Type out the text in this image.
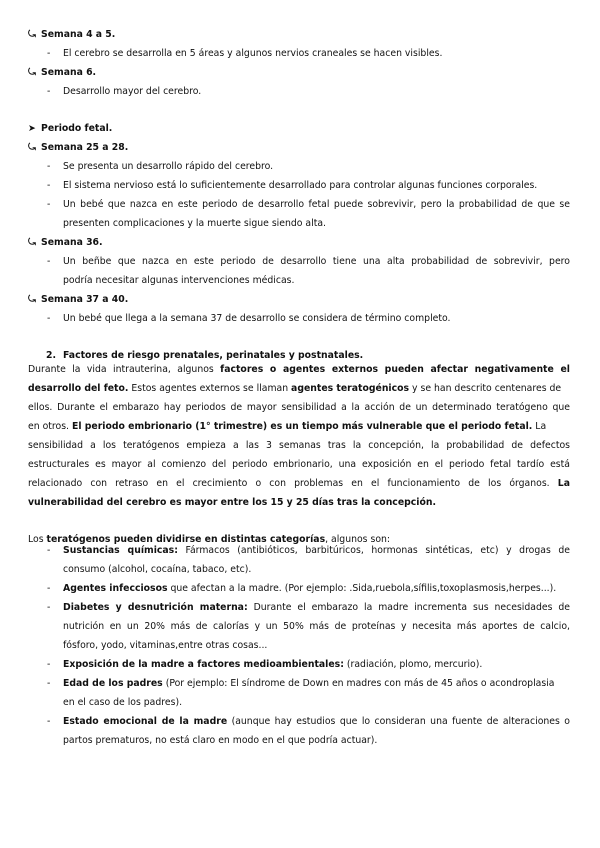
⤿ Semana 4 a 5.
- El cerebro se desarrolla en 5 áreas y algunos nervios craneales se hacen visibles.
⤿ Semana 6.
- Desarrollo mayor del cerebro.
➤ Periodo fetal.
⤿ Semana 25 a 28.
- Se presenta un desarrollo rápido del cerebro.
- El sistema nervioso está lo suficientemente desarrollado para controlar algunas funciones corporales.
- Un bebé que nazca en este periodo de desarrollo fetal puede sobrevivir, pero la probabilidad de que se
presenten complicaciones y la muerte sigue siendo alta.
⤿ Semana 36.
- Un beñbe que nazca en este periodo de desarrollo tiene una alta probabilidad de sobrevivir, pero
podría necesitar algunas intervenciones médicas.
⤿ Semana 37 a 40.
- Un bebé que llega a la semana 37 de desarrollo se considera de término completo.
2. Factores de riesgo prenatales, perinatales y postnatales.
Durante la vida intrauterina, algunos factores o agentes externos pueden afectar negativamente el
desarrollo del feto. Estos agentes externos se llaman agentes teratogénicos y se han descrito centenares de
ellos. Durante el embarazo hay periodos de mayor sensibilidad a la acción de un determinado teratógeno que
en otros. El periodo embrionario (1° trimestre) es un tiempo más vulnerable que el periodo fetal. La
sensibilidad a los teratógenos empieza a las 3 semanas tras la concepción, la probabilidad de defectos
estructurales es mayor al comienzo del periodo embrionario, una exposición en el periodo fetal tardío está
relacionado con retraso en el crecimiento o con problemas en el funcionamiento de los órganos. La
vulnerabilidad del cerebro es mayor entre los 15 y 25 días tras la concepción.
Los teratógenos pueden dividirse en distintas categorías, algunos son:
- Sustancias químicas: Fármacos (antibióticos, barbitúricos, hormonas sintéticas, etc) y drogas de
consumo (alcohol, cocaína, tabaco, etc).
- Agentes infecciosos que afectan a la madre. (Por ejemplo: .Sida,ruebola,sífilis,toxoplasmosis,herpes...).
- Diabetes y desnutrición materna: Durante el embarazo la madre incrementa sus necesidades de
nutrición en un 20% más de calorías y un 50% más de proteínas y necesita más aportes de calcio,
fósforo, yodo, vitaminas,entre otras cosas...
- Exposición de la madre a factores medioambientales: (radiación, plomo, mercurio).
- Edad de los padres (Por ejemplo: El síndrome de Down en madres con más de 45 años o acondroplasia
en el caso de los padres).
- Estado emocional de la madre (aunque hay estudios que lo consideran una fuente de alteraciones o
partos prematuros, no está claro en modo en el que podría actuar).
